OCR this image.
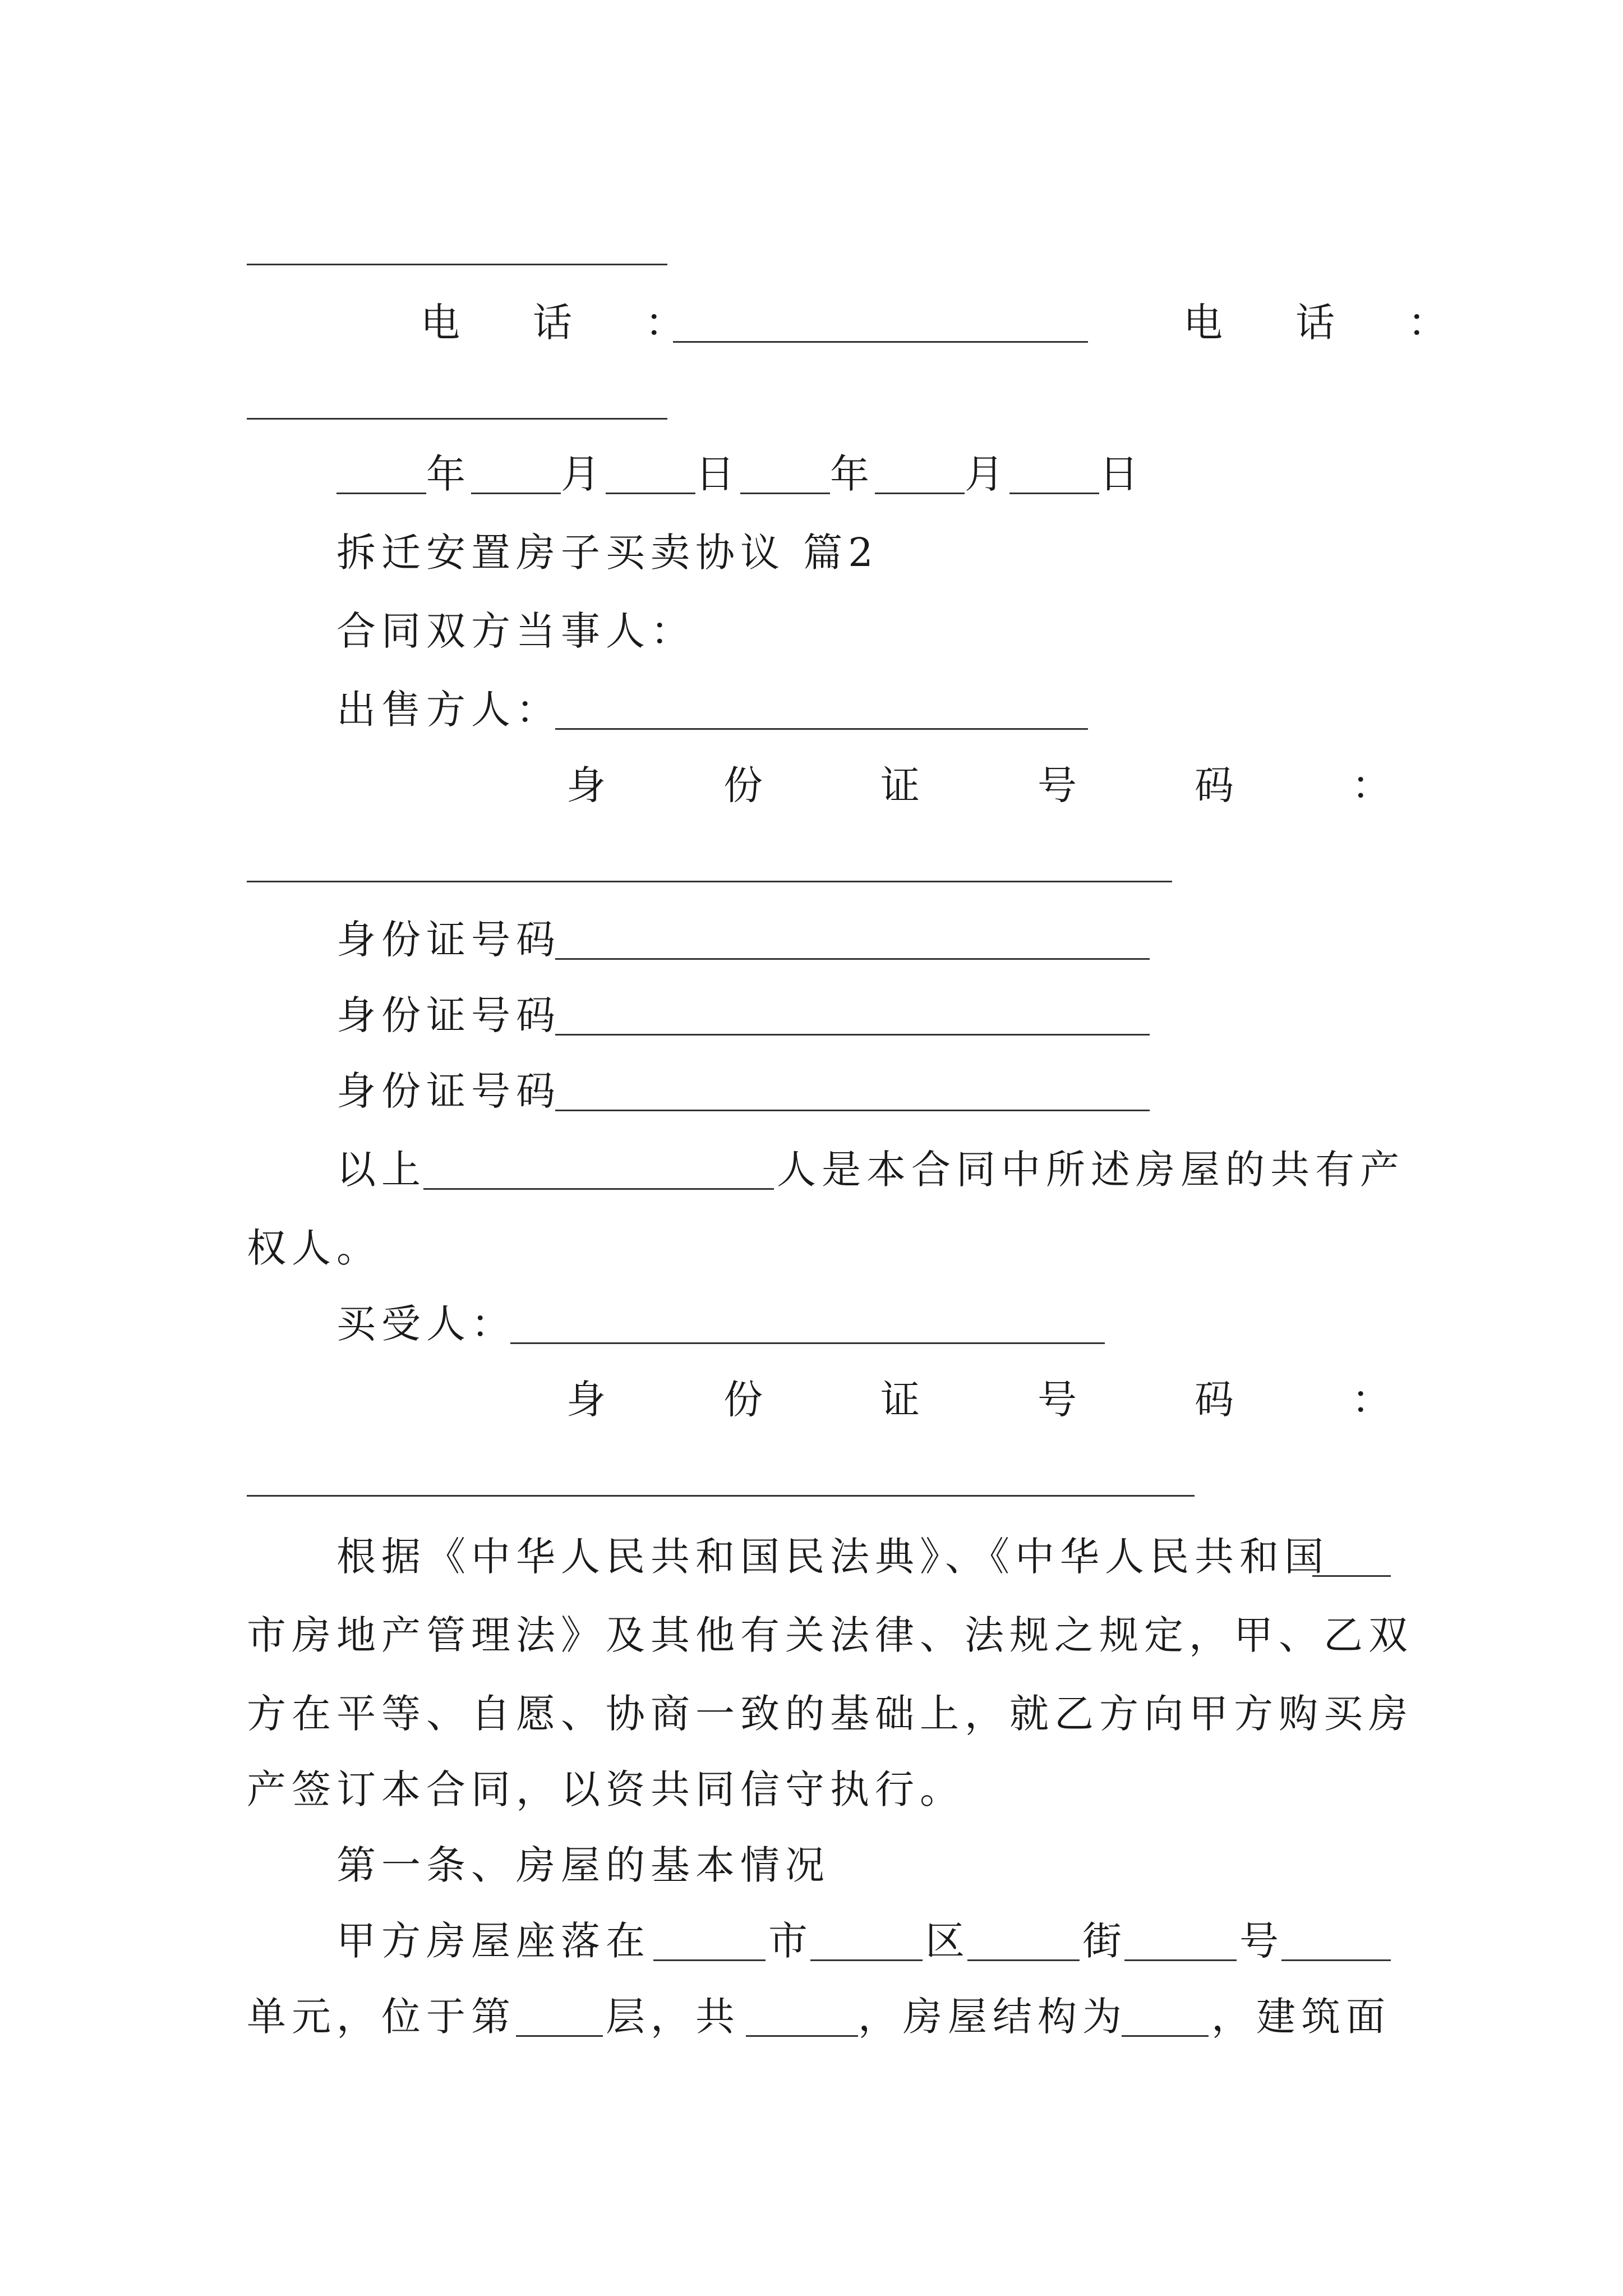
电　话　：	电　话　：
年 月 日 年 月 日
拆迁安置房子买卖协议 篇2
合同双方当事人：
出售方人：
身	份	证	号	码	：
身份证号码
身份证号码
身份证号码
以上	人是本合同中所述房屋的共有产
权人。
买受人：
身	份	证	号	码	：
根据《中华人民共和国民法典》、《中华人民共和国
市房地产管理法》及其他有关法律、法规之规定，甲、乙双
方在平等、自愿、协商一致的基础上，就乙方向甲方购买房
产签订本合同，以资共同信守执行。
第一条、房屋的基本情况
甲方房屋座落在	市	区	街	号
单元，位于第 层，共	，房屋结构为 ，建筑面
